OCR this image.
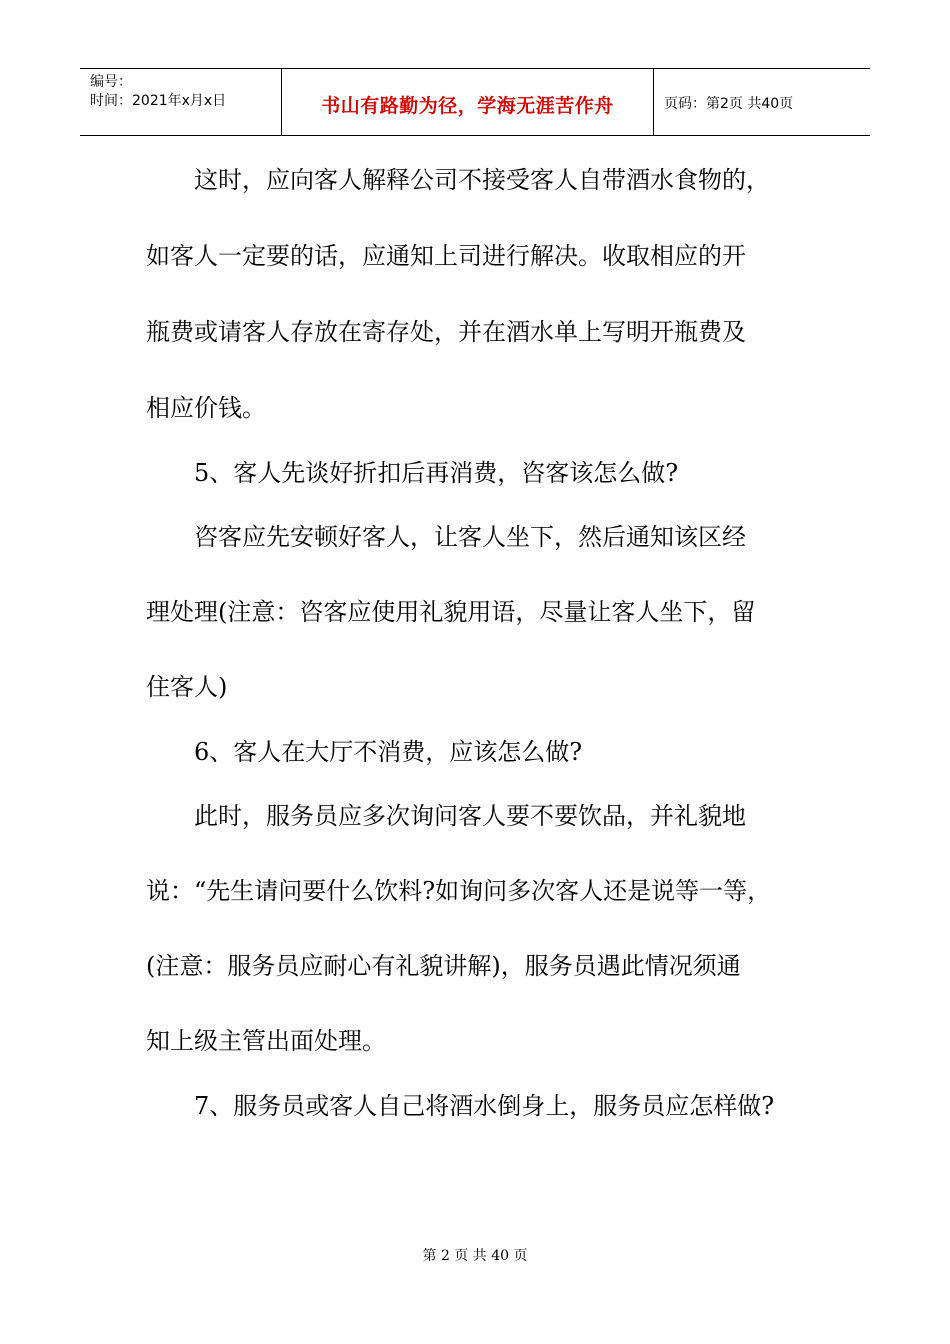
编号：
时间：2021年x月x日	书山有路勤为径，学海无涯苦作舟	页码：第2页 共40页
这时，应向客人解释公司不接受客人自带酒水食物的，
如客人一定要的话，应通知上司进行解决。收取相应的开
瓶费或请客人存放在寄存处，并在酒水单上写明开瓶费及
相应价钱。
5、客人先谈好折扣后再消费，咨客该怎么做?
咨客应先安顿好客人，让客人坐下，然后通知该区经
理处理(注意：咨客应使用礼貌用语，尽量让客人坐下，留
住客人)
6、客人在大厅不消费，应该怎么做?
此时，服务员应多次询问客人要不要饮品，并礼貌地
说：“先生请问要什么饮料?如询问多次客人还是说等一等，
(注意：服务员应耐心有礼貌讲解)，服务员遇此情况须通
知上级主管出面处理。
7、服务员或客人自己将酒水倒身上，服务员应怎样做?
第 2 页 共 40 页
